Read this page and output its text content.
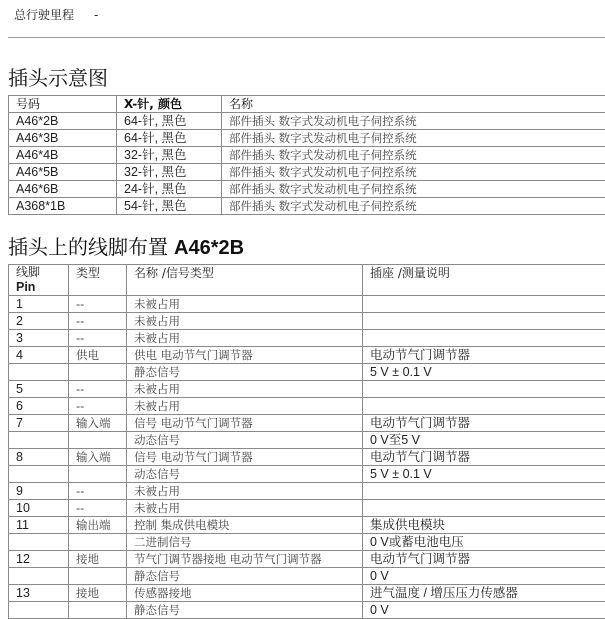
总行驶里程 -
插头示意图
号码	X-针, 颜色	名称
A46*2B	64-针, 黑色	部件插头 数字式发动机电子伺控系统
A46*3B	64-针, 黑色	部件插头 数字式发动机电子伺控系统
A46*4B	32-针, 黑色	部件插头 数字式发动机电子伺控系统
A46*5B	32-针, 黑色	部件插头 数字式发动机电子伺控系统
A46*6B	24-针, 黑色	部件插头 数字式发动机电子伺控系统
A368*1B	54-针, 黑色	部件插头 数字式发动机电子伺控系统
插头上的线脚布置 A46*2B
线脚
Pin	类型	名称 /信号类型	插座 /测量说明
1	--	未被占用	
2	--	未被占用	
3	--	未被占用	
4	供电	供电 电动节气门调节器	电动节气门调节器
		静态信号	5 V ± 0.1 V
5	--	未被占用	
6	--	未被占用	
7	输入端	信号 电动节气门调节器	电动节气门调节器
		动态信号	0 V至5 V
8	输入端	信号 电动节气门调节器	电动节气门调节器
		动态信号	5 V ± 0.1 V
9	--	未被占用	
10	--	未被占用	
11	输出端	控制 集成供电模块	集成供电模块
		二进制信号	0 V或蓄电池电压
12	接地	节气门调节器接地 电动节气门调节器	电动节气门调节器
		静态信号	0 V
13	接地	传感器接地	进气温度 / 增压压力传感器
		静态信号	0 V
